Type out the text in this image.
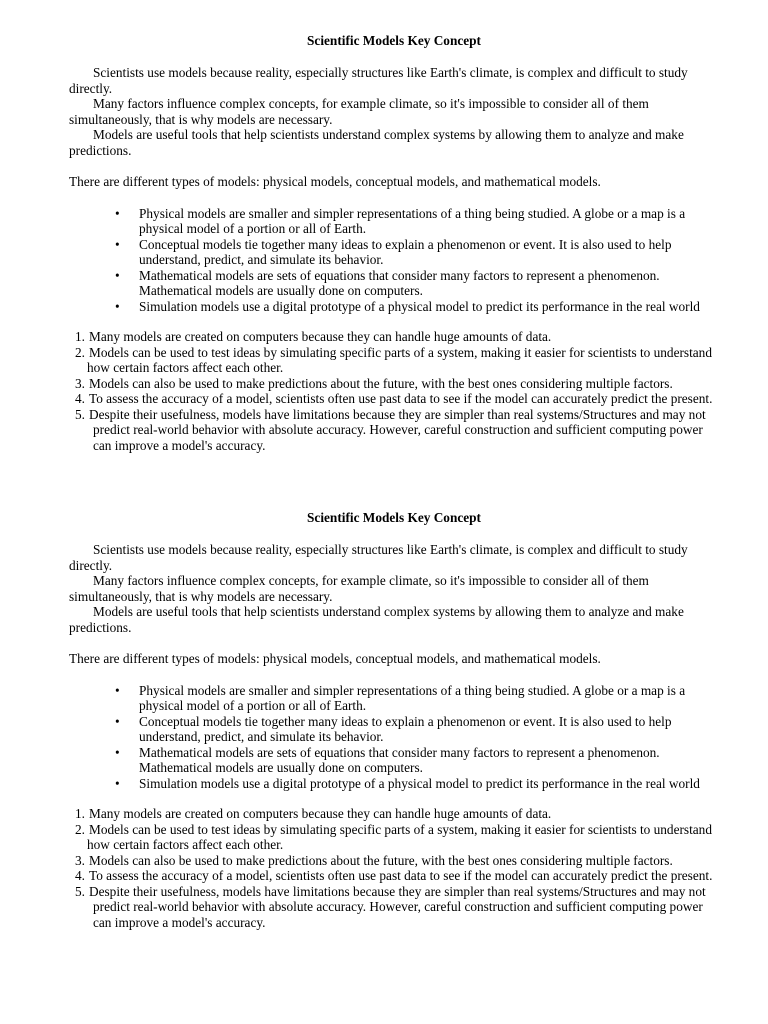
Scientific Models Key Concept

Scientists use models because reality, especially structures like Earth's climate, is complex and difficult to study directly.

Many factors influence complex concepts, for example climate, so it's impossible to consider all of them simultaneously, that is why models are necessary.

Models are useful tools that help scientists understand complex systems by allowing them to analyze and make predictions.

There are different types of models: physical models, conceptual models, and mathematical models.

• Physical models are smaller and simpler representations of a thing being studied. A globe or a map is a physical model of a portion or all of Earth.
• Conceptual models tie together many ideas to explain a phenomenon or event. It is also used to help understand, predict, and simulate its behavior.
• Mathematical models are sets of equations that consider many factors to represent a phenomenon. Mathematical models are usually done on computers.
• Simulation models use a digital prototype of a physical model to predict its performance in the real world
1. Many models are created on computers because they can handle huge amounts of data.
2. Models can be used to test ideas by simulating specific parts of a system, making it easier for scientists to understand how certain factors affect each other.
3. Models can also be used to make predictions about the future, with the best ones considering multiple factors.
4. To assess the accuracy of a model, scientists often use past data to see if the model can accurately predict the present.
5. Despite their usefulness, models have limitations because they are simpler than real systems/Structures and may not predict real-world behavior with absolute accuracy. However, careful construction and sufficient computing power can improve a model's accuracy.
Scientific Models Key Concept

Scientists use models because reality, especially structures like Earth's climate, is complex and difficult to study directly.

Many factors influence complex concepts, for example climate, so it's impossible to consider all of them simultaneously, that is why models are necessary.

Models are useful tools that help scientists understand complex systems by allowing them to analyze and make predictions.

There are different types of models: physical models, conceptual models, and mathematical models.

• Physical models are smaller and simpler representations of a thing being studied. A globe or a map is a physical model of a portion or all of Earth.
• Conceptual models tie together many ideas to explain a phenomenon or event. It is also used to help understand, predict, and simulate its behavior.
• Mathematical models are sets of equations that consider many factors to represent a phenomenon. Mathematical models are usually done on computers.
• Simulation models use a digital prototype of a physical model to predict its performance in the real world
1. Many models are created on computers because they can handle huge amounts of data.
2. Models can be used to test ideas by simulating specific parts of a system, making it easier for scientists to understand how certain factors affect each other.
3. Models can also be used to make predictions about the future, with the best ones considering multiple factors.
4. To assess the accuracy of a model, scientists often use past data to see if the model can accurately predict the present.
5. Despite their usefulness, models have limitations because they are simpler than real systems/Structures and may not predict real-world behavior with absolute accuracy. However, careful construction and sufficient computing power can improve a model's accuracy.
